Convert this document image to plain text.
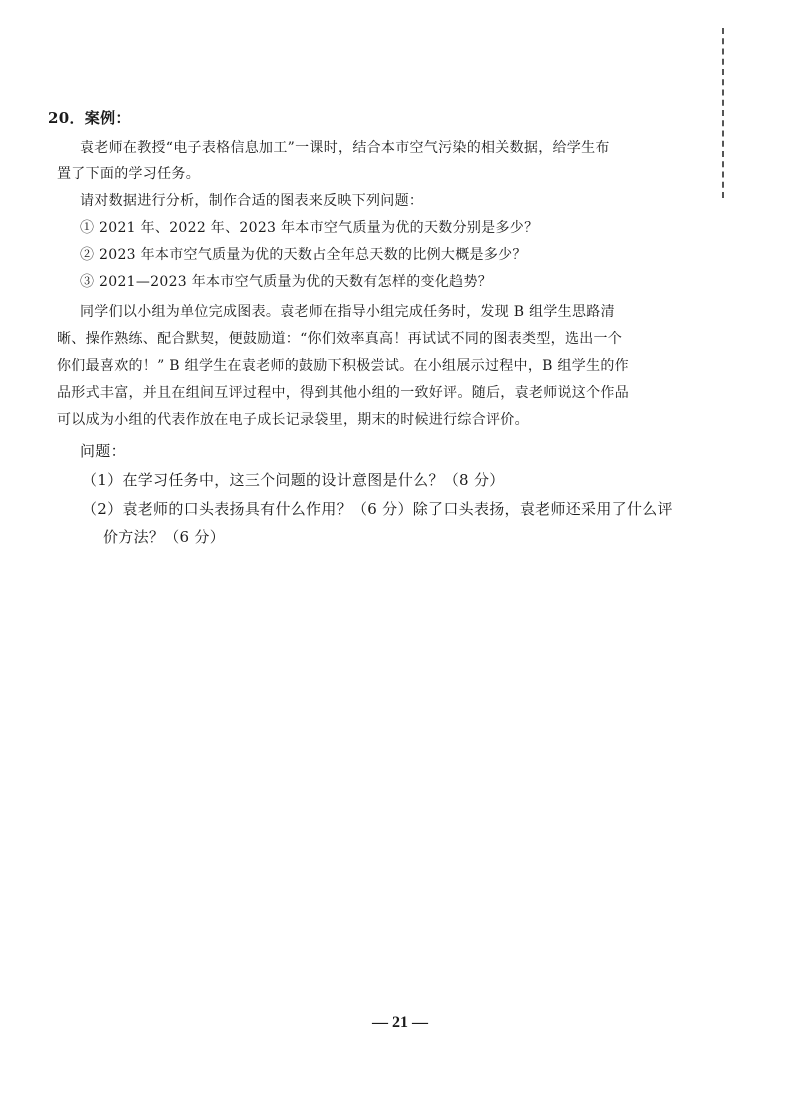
20．案例：
袁老师在教授“电子表格信息加工”一课时，结合本市空气污染的相关数据，给学生布
置了下面的学习任务。
请对数据进行分析，制作合适的图表来反映下列问题：
① 2021 年、2022 年、2023 年本市空气质量为优的天数分别是多少？
② 2023 年本市空气质量为优的天数占全年总天数的比例大概是多少？
③ 2021—2023 年本市空气质量为优的天数有怎样的变化趋势？
同学们以小组为单位完成图表。袁老师在指导小组完成任务时，发现 B 组学生思路清
晰、操作熟练、配合默契，便鼓励道：“你们效率真高！再试试不同的图表类型，选出一个
你们最喜欢的！” B 组学生在袁老师的鼓励下积极尝试。在小组展示过程中，B 组学生的作
品形式丰富，并且在组间互评过程中，得到其他小组的一致好评。随后，袁老师说这个作品
可以成为小组的代表作放在电子成长记录袋里，期末的时候进行综合评价。
问题：
（1）在学习任务中，这三个问题的设计意图是什么？（8 分）
（2）袁老师的口头表扬具有什么作用？（6 分）除了口头表扬，袁老师还采用了什么评
价方法？（6 分）
— 21 —
